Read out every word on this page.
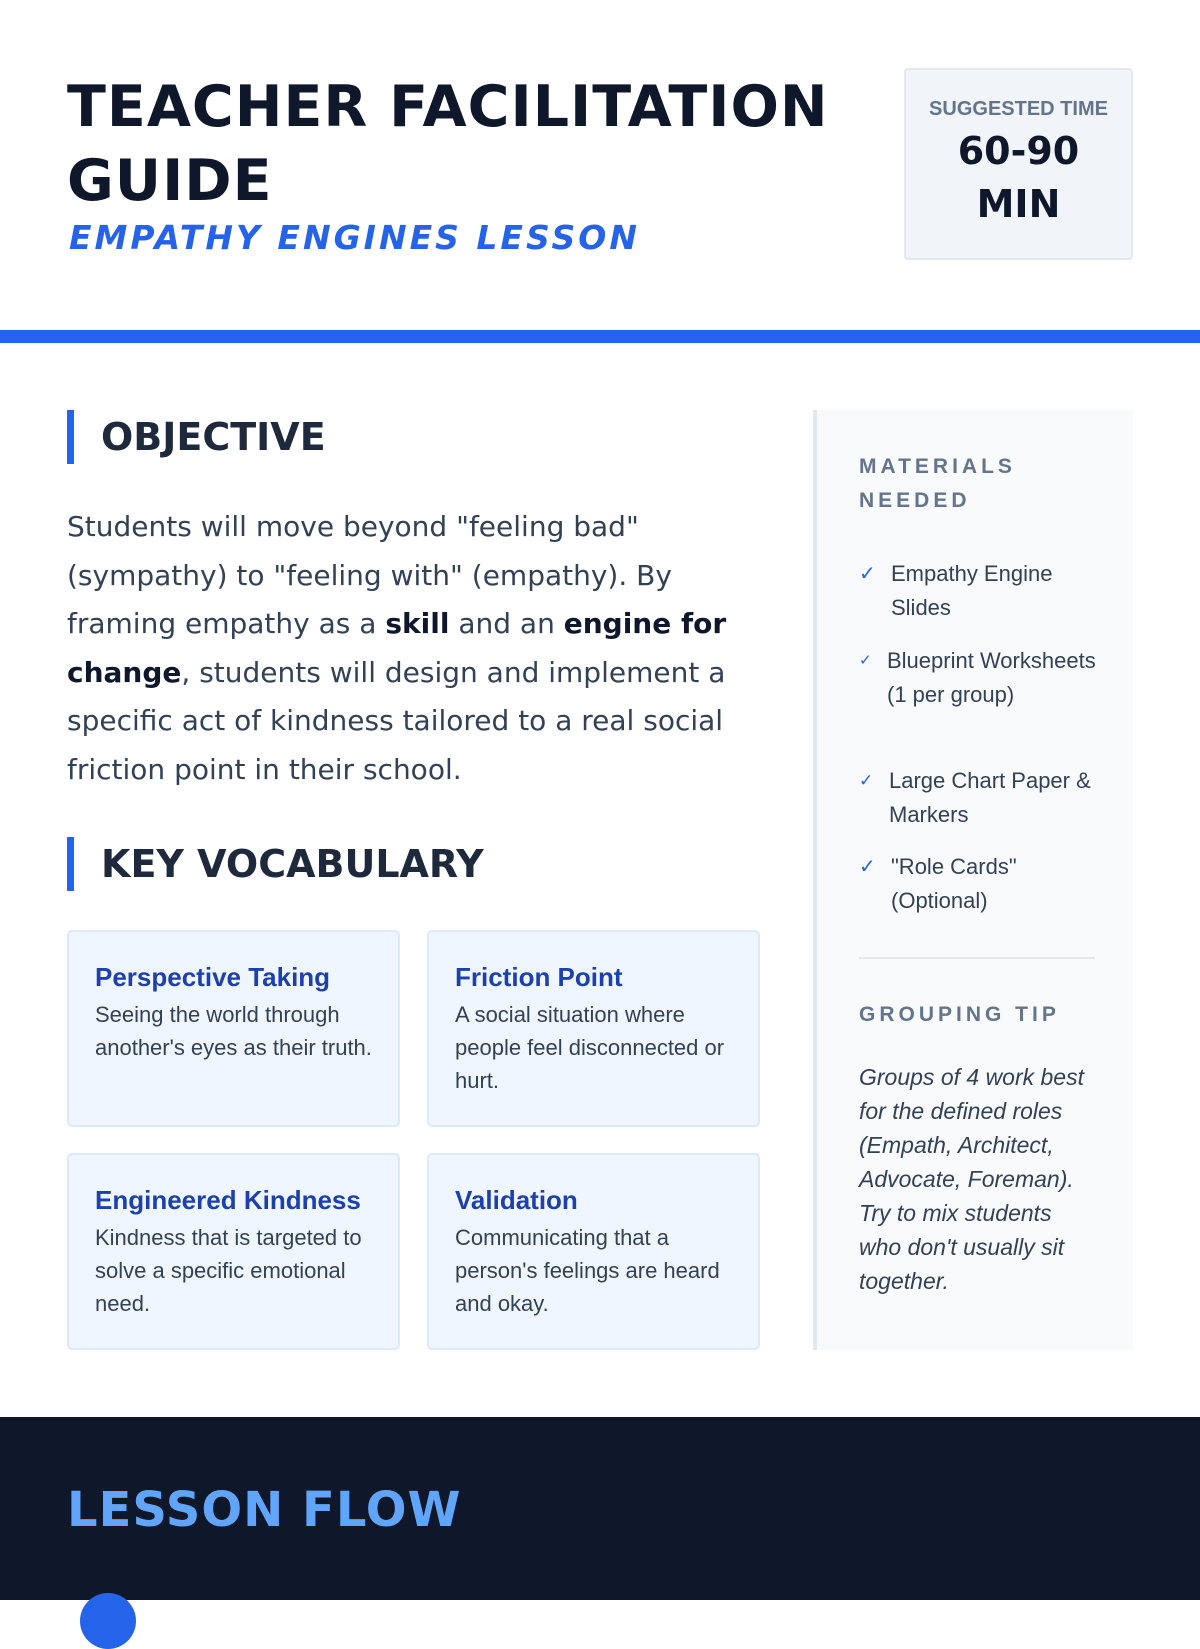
TEACHER FACILITATION
GUIDE
EMPATHY ENGINES LESSON
SUGGESTED TIME
60-90
MIN
OBJECTIVE
Students will move beyond "feeling bad" (sympathy) to "feeling with" (empathy). By framing empathy as a skill and an engine for change, students will design and implement a specific act of kindness tailored to a real social friction point in their school.
KEY VOCABULARY
Perspective Taking
Seeing the world through another's eyes as their truth.
Friction Point
A social situation where people feel disconnected or hurt.
Engineered Kindness
Kindness that is targeted to solve a specific emotional need.
Validation
Communicating that a person's feelings are heard and okay.
MATERIALS
NEEDED
✓ Empathy Engine Slides
✓ Blueprint Worksheets (1 per group)
✓ Large Chart Paper & Markers
✓ "Role Cards" (Optional)
GROUPING TIP
Groups of 4 work best for the defined roles (Empath, Architect, Advocate, Foreman). Try to mix students who don't usually sit together.
LESSON FLOW
